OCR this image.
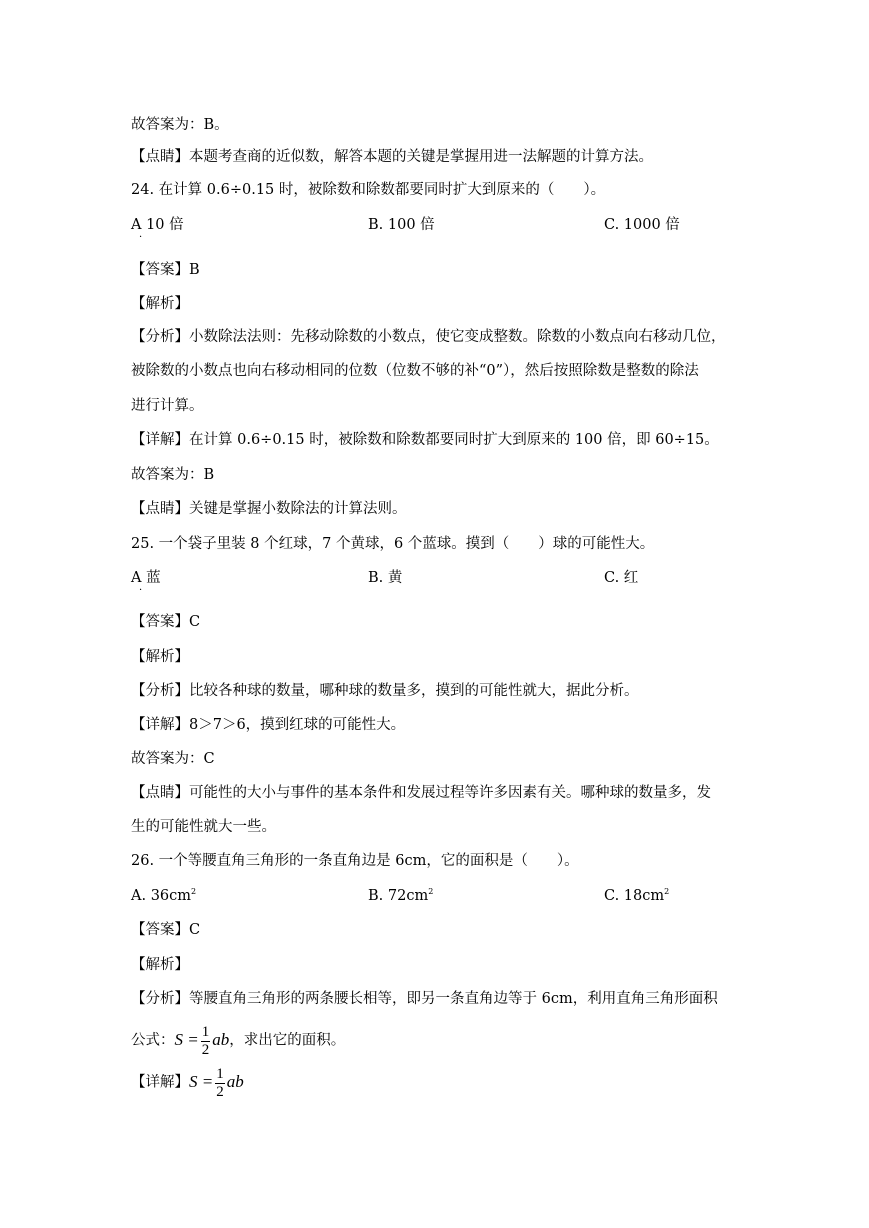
故答案为：B。
【点睛】本题考查商的近似数，解答本题的关键是掌握用进一法解题的计算方法。
24. 在计算 0.6÷0.15 时，被除数和除数都要同时扩大到原来的（　　）。
A 10 倍
·
B. 100 倍	C. 1000 倍
【答案】B
【解析】
【分析】小数除法法则：先移动除数的小数点，使它变成整数。除数的小数点向右移动几位，
被除数的小数点也向右移动相同的位数（位数不够的补“0”），然后按照除数是整数的除法
进行计算。
【详解】在计算 0.6÷0.15 时，被除数和除数都要同时扩大到原来的 100 倍，即 60÷15。
故答案为：B
【点睛】关键是掌握小数除法的计算法则。
25. 一个袋子里装 8 个红球，7 个黄球，6 个蓝球。摸到（　　）球的可能性大。
A 蓝
·
B. 黄	C. 红
【答案】C
【解析】
【分析】比较各种球的数量，哪种球的数量多，摸到的可能性就大，据此分析。
【详解】8＞7＞6，摸到红球的可能性大。
故答案为：C
【点睛】可能性的大小与事件的基本条件和发展过程等许多因素有关。哪种球的数量多，发
生的可能性就大一些。
26. 一个等腰直角三角形的一条直角边是 6cm，它的面积是（　　）。
A. $36cm^2$	B. $72cm^2$	C. $18cm^2$
【答案】C
【解析】
【分析】等腰直角三角形的两条腰长相等，即另一条直角边等于 6cm，利用直角三角形面积
公式：$S = \frac{1}{2}$ ab，求出它的面积。
【详解】$S = \frac{1}{2}$ ab
